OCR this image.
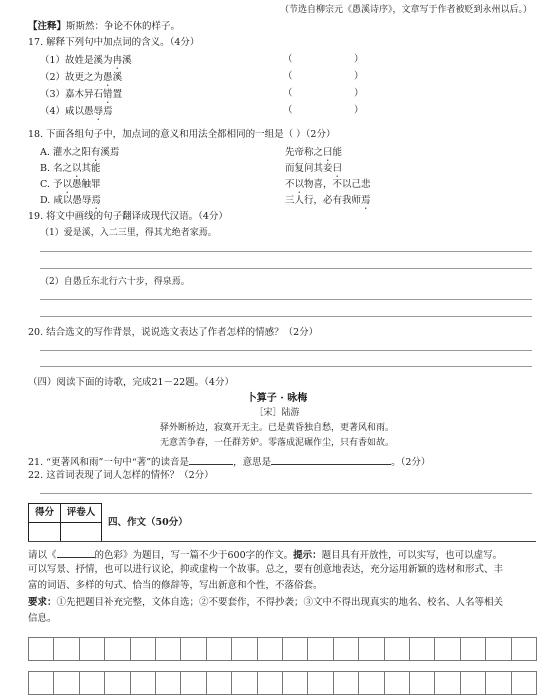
（节选自柳宗元《愚溪诗序》，文章写于作者被贬到永州以后。）
【注释】斯斯然：争论不休的样子。
17. 解释下列句中加点词的含义。（4分）
（1）故姓是溪为冉溪	（	）
（2）故更之为愚溪	（	）
（3）嘉木异石错置	（	）
（4）咸以愚辱焉	（	）
18. 下面各组句子中，加点词的意义和用法全都相同的一组是（ ）（2分）
A. 灌水之阳有溪焉	先帝称之曰能
B. 名之以其能	而复问其妾曰
C. 予以愚触罪	不以物喜，不以己悲
D. 咸以愚辱焉	三人行，必有我师焉
19. 将文中画线的句子翻译成现代汉语。（4分）
（1）爱是溪，入二三里，得其尤绝者家焉。
（2）自愚丘东北行六十步，得泉焉。
20. 结合选文的写作背景，说说选文表达了作者怎样的情感？（2分）
（四）阅读下面的诗歌，完成21－22题。（4分）
卜算子 · 咏梅
［宋］陆游
驿外断桥边，寂寞开无主。已是黄昏独自愁，更著风和雨。
无意苦争春，一任群芳妒。零落成泥碾作尘，只有香如故。
21. “更著风和雨”一句中“著”的读音是	，意思是	。（2分）
22. 这首词表现了词人怎样的情怀？（2分）
得分	评卷人

四、作文（50分）
请以《	的色彩》为题目，写一篇不少于600字的作文。提示：题目具有开放性，可以实写，也可以虚写。
可以写景、抒情，也可以进行议论，抑或虚构一个故事。总之，要有创意地表达，充分运用新颖的选材和形式、丰
富的词语、多样的句式、恰当的修辞等，写出新意和个性，不落俗套。
要求：①先把题目补充完整，文体自选；②不要套作，不得抄袭；③文中不得出现真实的地名、校名、人名等相关
信息。
